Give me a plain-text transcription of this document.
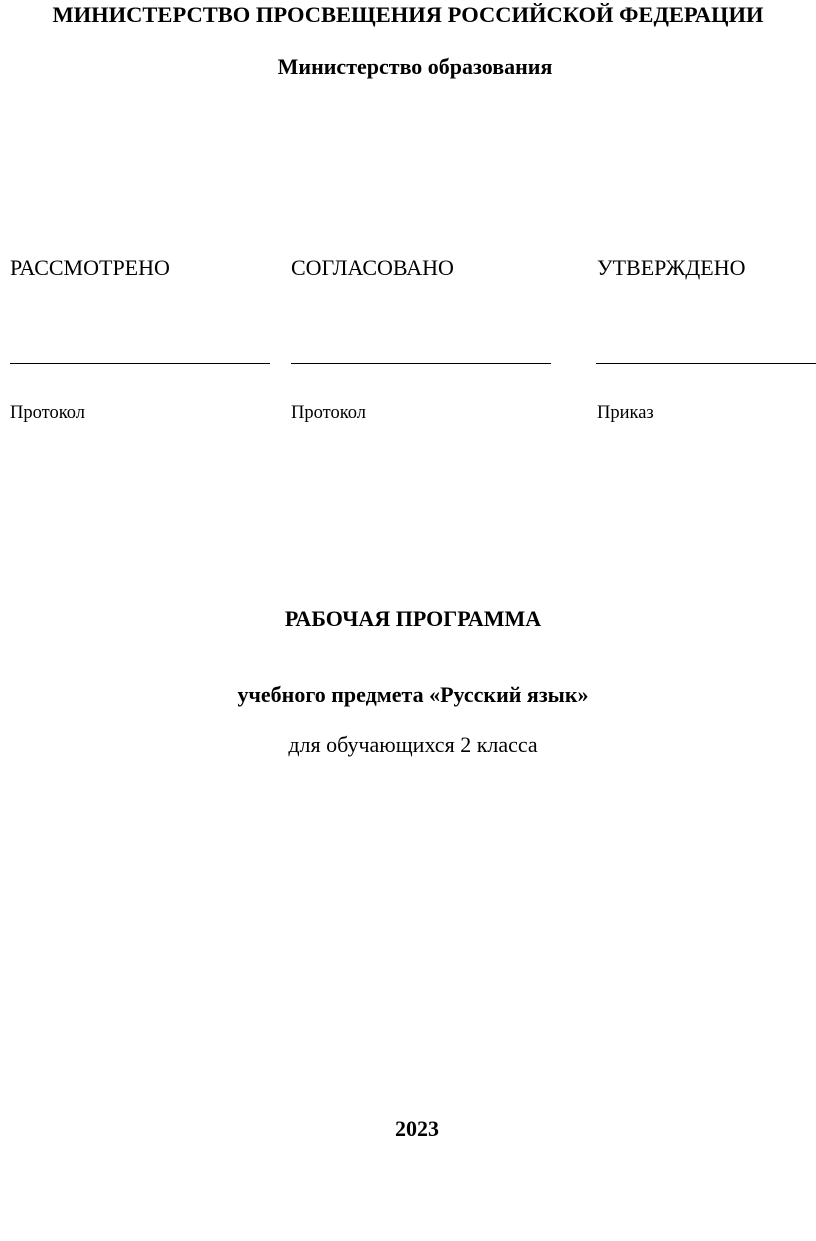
МИНИСТЕРСТВО ПРОСВЕЩЕНИЯ РОССИЙСКОЙ ФЕДЕРАЦИИ
Министерство образования
РАССМОТРЕНО	СОГЛАСОВАНО	УТВЕРЖДЕНО
Протокол	Протокол	Приказ
РАБОЧАЯ ПРОГРАММА
учебного предмета «Русский язык»
для обучающихся 2 класса
2023
